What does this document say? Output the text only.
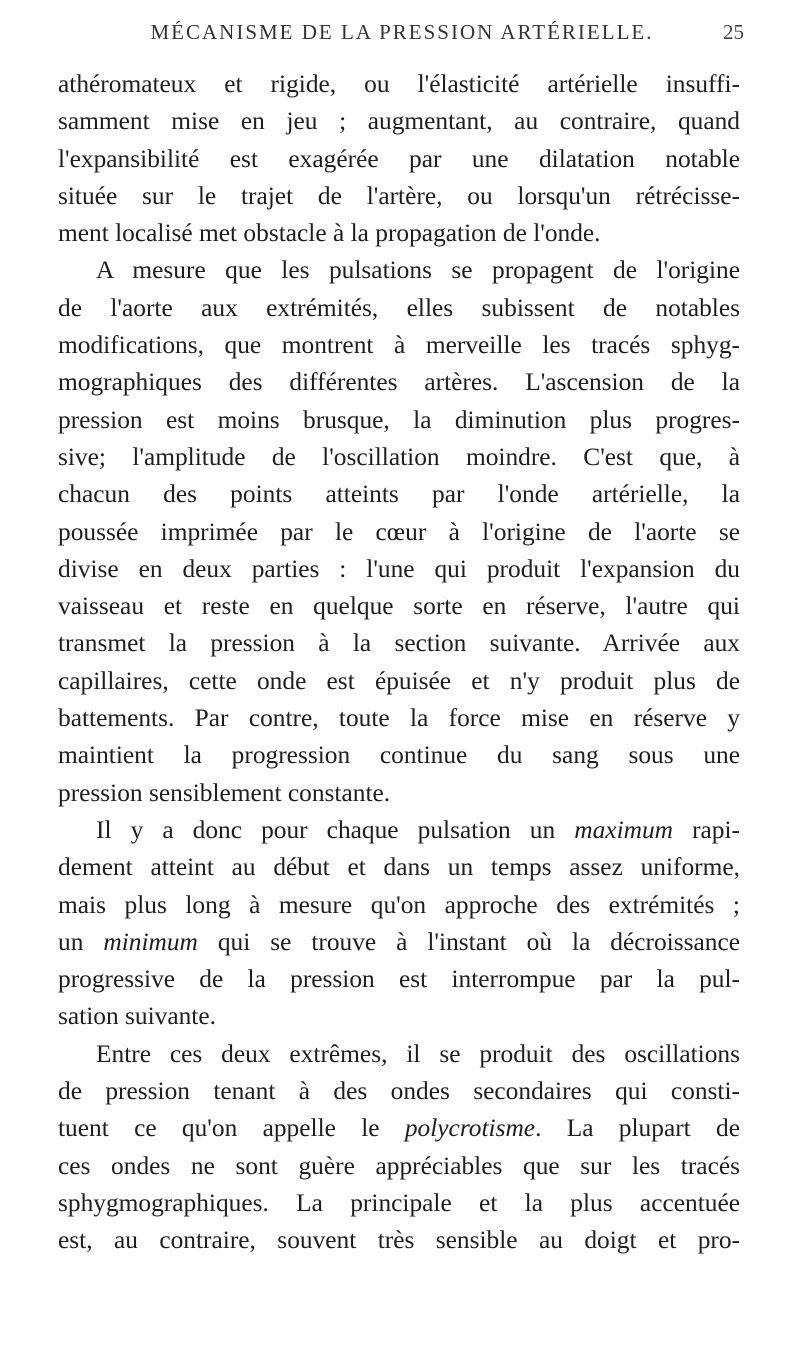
MÉCANISME DE LA PRESSION ARTÉRIELLE.	25
athéromateux et rigide, ou l'élasticité artérielle insuffi-
samment mise en jeu ; augmentant, au contraire, quand
l'expansibilité est exagérée par une dilatation notable
située sur le trajet de l'artère, ou lorsqu'un rétrécisse-
ment localisé met obstacle à la propagation de l'onde.
A mesure que les pulsations se propagent de l'origine
de l'aorte aux extrémités, elles subissent de notables
modifications, que montrent à merveille les tracés sphyg-
mographiques des différentes artères. L'ascension de la
pression est moins brusque, la diminution plus progres-
sive; l'amplitude de l'oscillation moindre. C'est que, à
chacun des points atteints par l'onde artérielle, la
poussée imprimée par le cœur à l'origine de l'aorte se
divise en deux parties : l'une qui produit l'expansion du
vaisseau et reste en quelque sorte en réserve, l'autre qui
transmet la pression à la section suivante. Arrivée aux
capillaires, cette onde est épuisée et n'y produit plus de
battements. Par contre, toute la force mise en réserve y
maintient la progression continue du sang sous une
pression sensiblement constante.
Il y a donc pour chaque pulsation un maximum rapi-
dement atteint au début et dans un temps assez uniforme,
mais plus long à mesure qu'on approche des extrémités ;
un minimum qui se trouve à l'instant où la décroissance
progressive de la pression est interrompue par la pul-
sation suivante.
Entre ces deux extrêmes, il se produit des oscillations
de pression tenant à des ondes secondaires qui consti-
tuent ce qu'on appelle le polycrotisme. La plupart de
ces ondes ne sont guère appréciables que sur les tracés
sphygmographiques. La principale et la plus accentuée
est, au contraire, souvent très sensible au doigt et pro-
